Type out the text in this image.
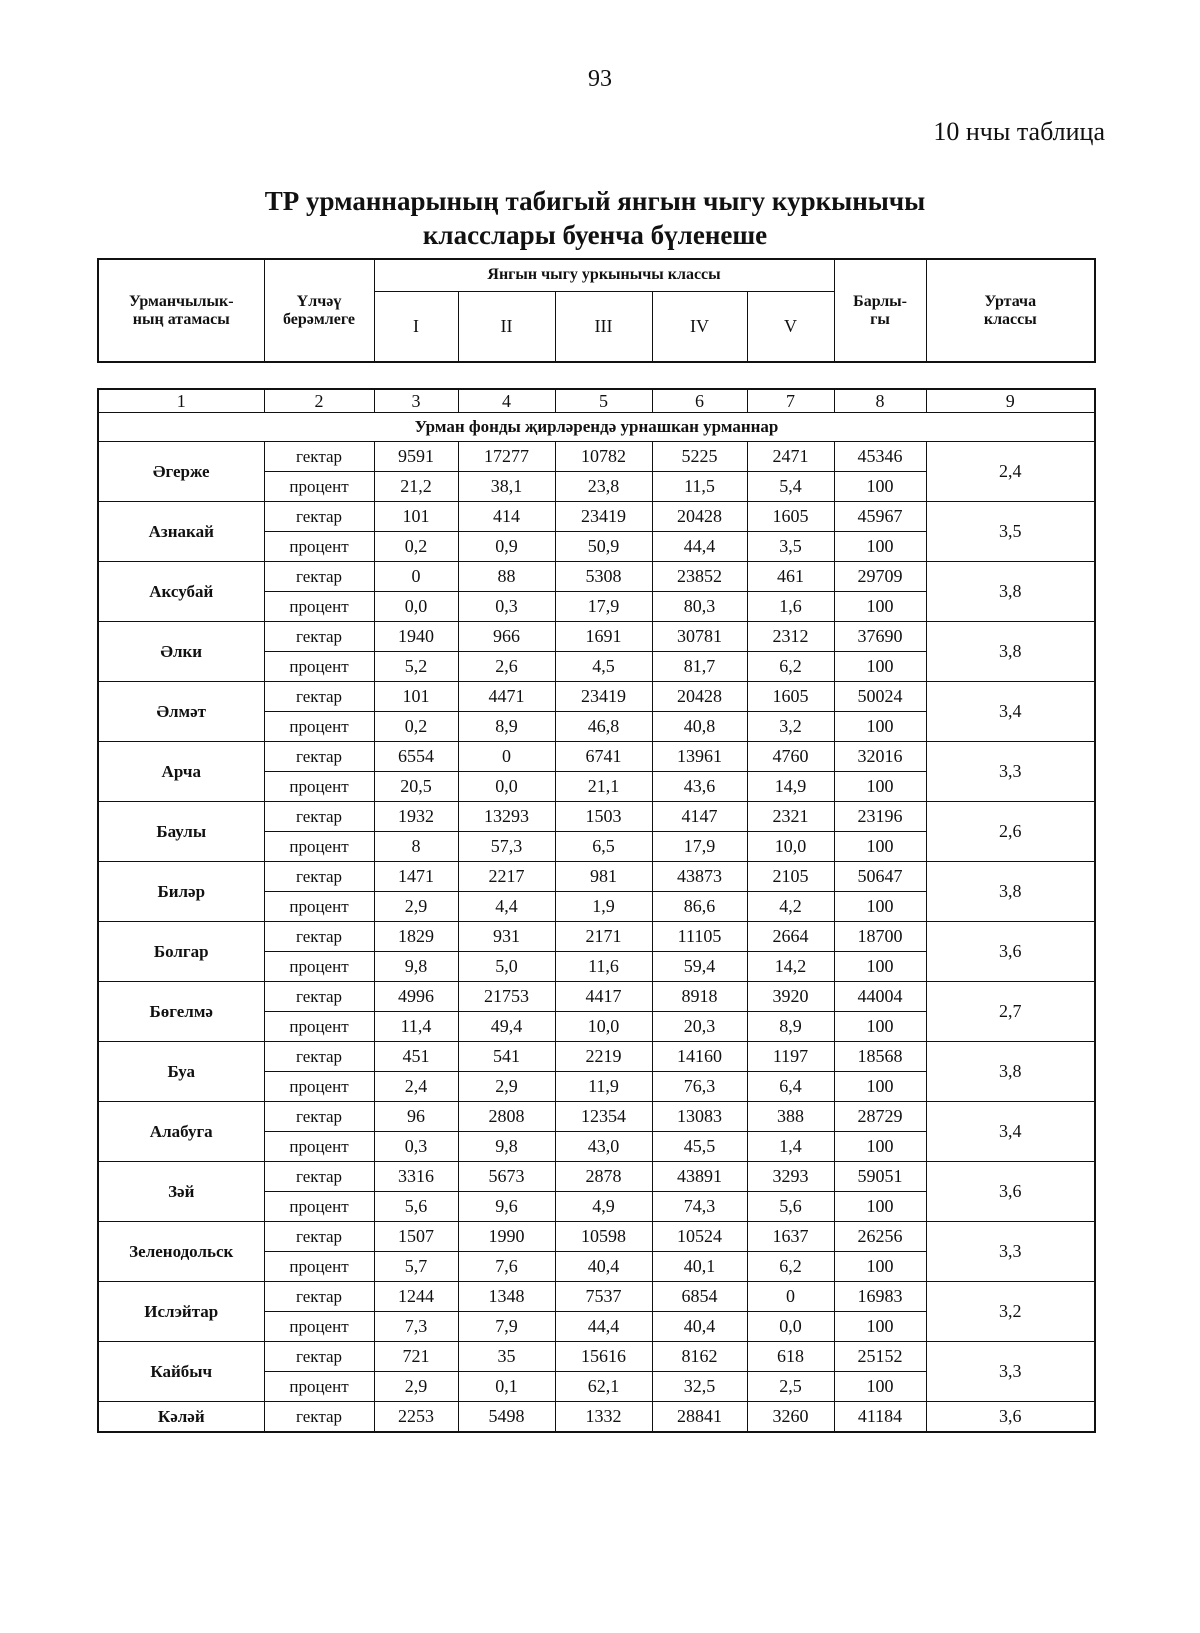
93
10 нчы таблица
ТР урманнарының табигый янгын чыгу куркынычы
класслары буенча бүленеше
Урманчылык-
ның атамасы	Үлчәү
берәмлеге	Янгын чыгу уркынычы классы					Барлы-
гы	Уртача
классы
		I	II	III	IV	V		
1	2	3	4	5	6	7	8	9
Урман фонды җирләрендә урнашкан урманнар								
Әгерже	гектар	9591	17277	10782	5225	2471	45346	2,4
	процент	21,2	38,1	23,8	11,5	5,4	100	
Азнакай	гектар	101	414	23419	20428	1605	45967	3,5
	процент	0,2	0,9	50,9	44,4	3,5	100	
Аксубай	гектар	0	88	5308	23852	461	29709	3,8
	процент	0,0	0,3	17,9	80,3	1,6	100	
Әлки	гектар	1940	966	1691	30781	2312	37690	3,8
	процент	5,2	2,6	4,5	81,7	6,2	100	
Әлмәт	гектар	101	4471	23419	20428	1605	50024	3,4
	процент	0,2	8,9	46,8	40,8	3,2	100	
Арча	гектар	6554	0	6741	13961	4760	32016	3,3
	процент	20,5	0,0	21,1	43,6	14,9	100	
Баулы	гектар	1932	13293	1503	4147	2321	23196	2,6
	процент	8	57,3	6,5	17,9	10,0	100	
Биләр	гектар	1471	2217	981	43873	2105	50647	3,8
	процент	2,9	4,4	1,9	86,6	4,2	100	
Болгар	гектар	1829	931	2171	11105	2664	18700	3,6
	процент	9,8	5,0	11,6	59,4	14,2	100	
Бөгелмә	гектар	4996	21753	4417	8918	3920	44004	2,7
	процент	11,4	49,4	10,0	20,3	8,9	100	
Буа	гектар	451	541	2219	14160	1197	18568	3,8
	процент	2,4	2,9	11,9	76,3	6,4	100	
Алабуга	гектар	96	2808	12354	13083	388	28729	3,4
	процент	0,3	9,8	43,0	45,5	1,4	100	
Зәй	гектар	3316	5673	2878	43891	3293	59051	3,6
	процент	5,6	9,6	4,9	74,3	5,6	100	
Зеленодольск	гектар	1507	1990	10598	10524	1637	26256	3,3
	процент	5,7	7,6	40,4	40,1	6,2	100	
Ислэйтар	гектар	1244	1348	7537	6854	0	16983	3,2
	процент	7,3	7,9	44,4	40,4	0,0	100	
Кайбыч	гектар	721	35	15616	8162	618	25152	3,3
	процент	2,9	0,1	62,1	32,5	2,5	100	
Кәләй	гектар	2253	5498	1332	28841	3260	41184	3,6
